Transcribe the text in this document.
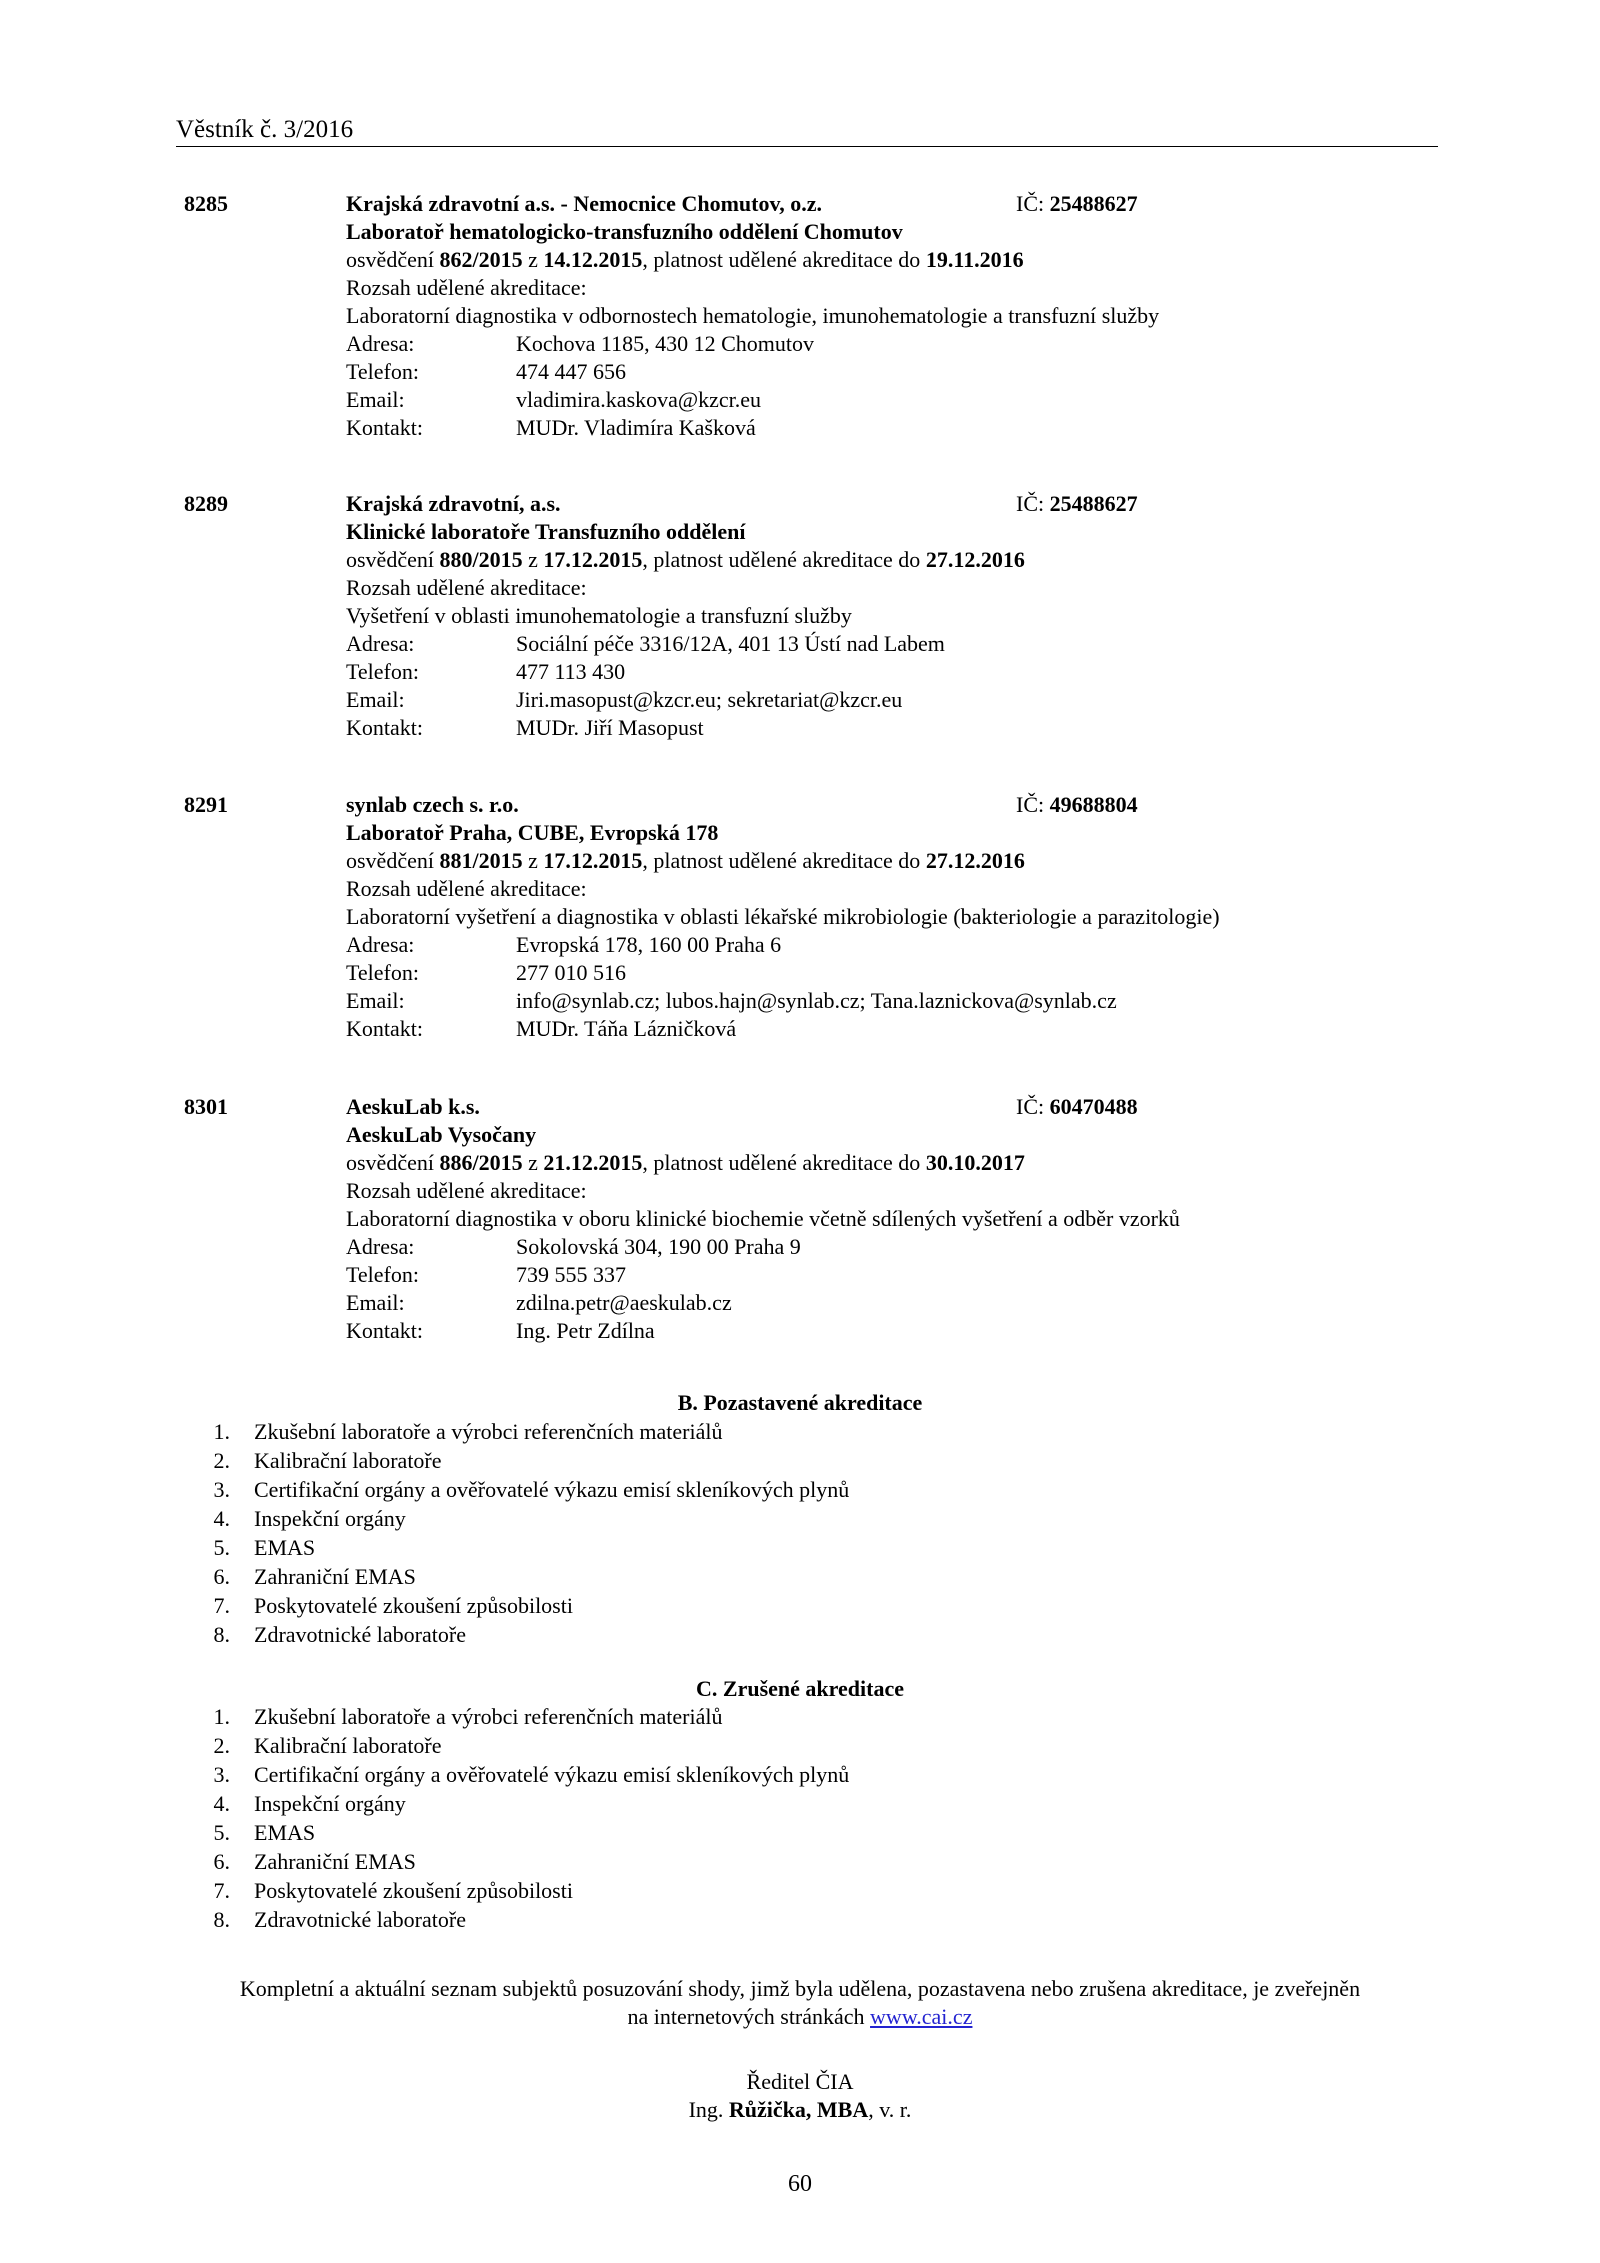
Věstník č. 3/2016
8285	Krajská zdravotní a.s. - Nemocnice Chomutov, o.z.	IČ: 25488627
Laboratoř hematologicko-transfuzního oddělení Chomutov
osvědčení 862/2015 z 14.12.2015, platnost udělené akreditace do 19.11.2016
Rozsah udělené akreditace:
Laboratorní diagnostika v odbornostech hematologie, imunohematologie a transfuzní služby
Adresa:	Kochova 1185, 430 12 Chomutov
Telefon:	474 447 656
Email:	vladimira.kaskova@kzcr.eu
Kontakt:	MUDr. Vladimíra Kašková
8289	Krajská zdravotní, a.s.	IČ: 25488627
Klinické laboratoře Transfuzního oddělení
osvědčení 880/2015 z 17.12.2015, platnost udělené akreditace do 27.12.2016
Rozsah udělené akreditace:
Vyšetření v oblasti imunohematologie a transfuzní služby
Adresa:	Sociální péče 3316/12A, 401 13 Ústí nad Labem
Telefon:	477 113 430
Email:	Jiri.masopust@kzcr.eu; sekretariat@kzcr.eu
Kontakt:	MUDr. Jiří Masopust
8291	synlab czech s. r.o.	IČ: 49688804
Laboratoř Praha, CUBE, Evropská 178
osvědčení 881/2015 z 17.12.2015, platnost udělené akreditace do 27.12.2016
Rozsah udělené akreditace:
Laboratorní vyšetření a diagnostika v oblasti lékařské mikrobiologie (bakteriologie a parazitologie)
Adresa:	Evropská 178, 160 00 Praha 6
Telefon:	277 010 516
Email:	info@synlab.cz; lubos.hajn@synlab.cz; Tana.laznickova@synlab.cz
Kontakt:	MUDr. Táňa Lázničková
8301	AeskuLab k.s.	IČ: 60470488
AeskuLab Vysočany
osvědčení 886/2015 z 21.12.2015, platnost udělené akreditace do 30.10.2017
Rozsah udělené akreditace:
Laboratorní diagnostika v oboru klinické biochemie včetně sdílených vyšetření a odběr vzorků
Adresa:	Sokolovská 304, 190 00 Praha 9
Telefon:	739 555 337
Email:	zdilna.petr@aeskulab.cz
Kontakt:	Ing. Petr Zdílna
B. Pozastavené akreditace
1. Zkušební laboratoře a výrobci referenčních materiálů
2. Kalibrační laboratoře
3. Certifikační orgány a ověřovatelé výkazu emisí skleníkových plynů
4. Inspekční orgány
5. EMAS
6. Zahraniční EMAS
7. Poskytovatelé zkoušení způsobilosti
8. Zdravotnické laboratoře
C. Zrušené akreditace
1. Zkušební laboratoře a výrobci referenčních materiálů
2. Kalibrační laboratoře
3. Certifikační orgány a ověřovatelé výkazu emisí skleníkových plynů
4. Inspekční orgány
5. EMAS
6. Zahraniční EMAS
7. Poskytovatelé zkoušení způsobilosti
8. Zdravotnické laboratoře
Kompletní a aktuální seznam subjektů posuzování shody, jimž byla udělena, pozastavena nebo zrušena akreditace, je zveřejněn
na internetových stránkách www.cai.cz
Ředitel ČIA
Ing. Růžička, MBA, v. r.
60
